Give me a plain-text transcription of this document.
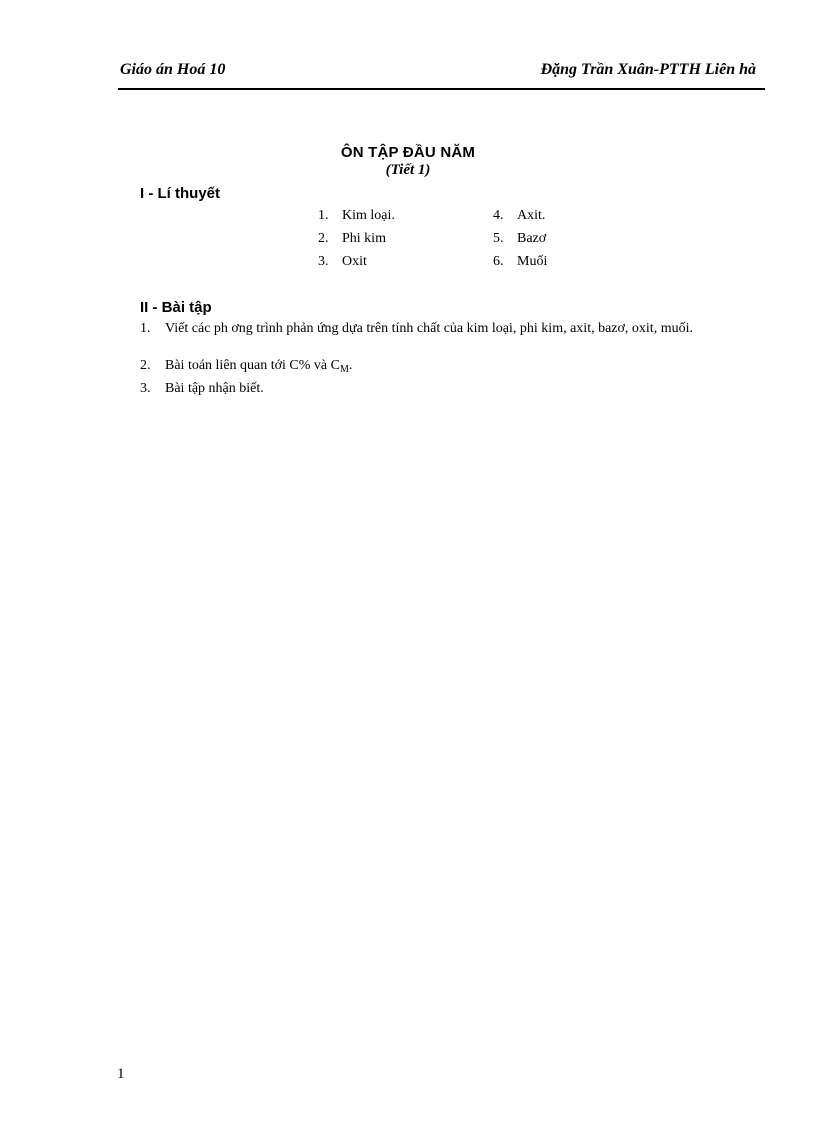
Giáo án Hoá 10	Đặng Trần Xuân-PTTH Liên hà
ÔN TẬP ĐẦU NĂM
(Tiết 1)
I - Lí thuyết
1. Kim loại.
2. Phi kim
3. Oxit
4. Axit.
5. Bazơ
6. Muối
II - Bài tập
1. Viết các ph ơng trình phản ứng dựa trên tính chất của kim loại, phi kim, axit, bazơ, oxit, muối.
2. Bài toán liên quan tới C% và $C_M$.
3. Bài tập nhận biết.
1
